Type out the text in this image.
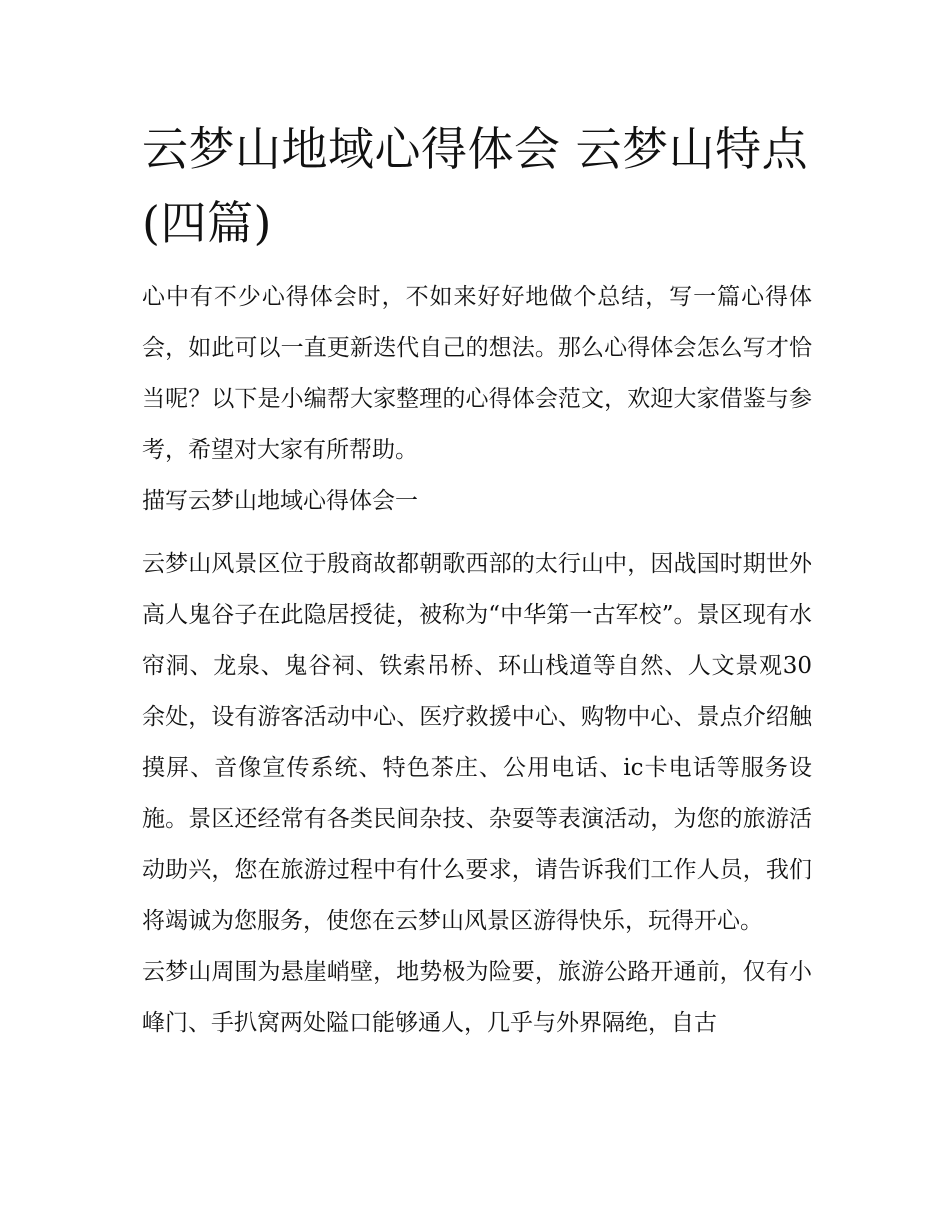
云梦山地域心得体会 云梦山特点(四篇)

心中有不少心得体会时，不如来好好地做个总结，写一篇心得体会，如此可以一直更新迭代自己的想法。那么心得体会怎么写才恰当呢？以下是小编帮大家整理的心得体会范文，欢迎大家借鉴与参考，希望对大家有所帮助。

描写云梦山地域心得体会一

云梦山风景区位于殷商故都朝歌西部的太行山中，因战国时期世外高人鬼谷子在此隐居授徒，被称为“中华第一古军校”。景区现有水帘洞、龙泉、鬼谷祠、铁索吊桥、环山栈道等自然、人文景观30余处，设有游客活动中心、医疗救援中心、购物中心、景点介绍触摸屏、音像宣传系统、特色茶庄、公用电话、ic卡电话等服务设施。景区还经常有各类民间杂技、杂耍等表演活动，为您的旅游活动助兴，您在旅游过程中有什么要求，请告诉我们工作人员，我们将竭诚为您服务，使您在云梦山风景区游得快乐，玩得开心。

云梦山周围为悬崖峭壁，地势极为险要，旅游公路开通前，仅有小峰门、手扒窝两处隘口能够通人，几乎与外界隔绝，自古
